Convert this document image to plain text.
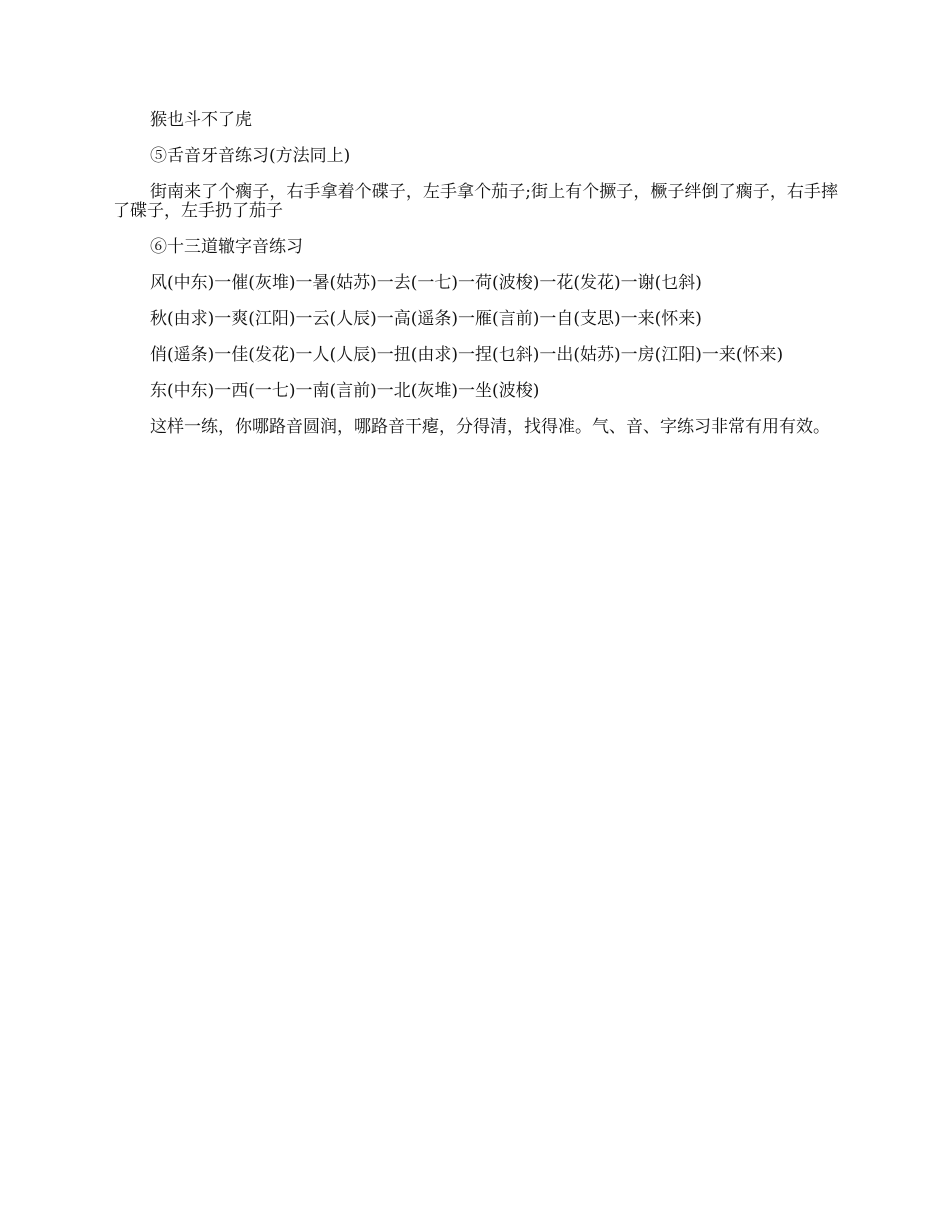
猴也斗不了虎

⑤舌音牙音练习(方法同上)

街南来了个瘸子，右手拿着个碟子，左手拿个茄子;街上有个撅子，橛子绊倒了瘸子，右手摔了碟子，左手扔了茄子

⑥十三道辙字音练习

风(中东)一催(灰堆)一暑(姑苏)一去(一七)一荷(波梭)一花(发花)一谢(乜斜)

秋(由求)一爽(江阳)一云(人辰)一高(遥条)一雁(言前)一自(支思)一来(怀来)

俏(遥条)一佳(发花)一人(人辰)一扭(由求)一捏(乜斜)一出(姑苏)一房(江阳)一来(怀来)

东(中东)一西(一七)一南(言前)一北(灰堆)一坐(波梭)

这样一练，你哪路音圆润，哪路音干瘪，分得清，找得准。气、音、字练习非常有用有效。
